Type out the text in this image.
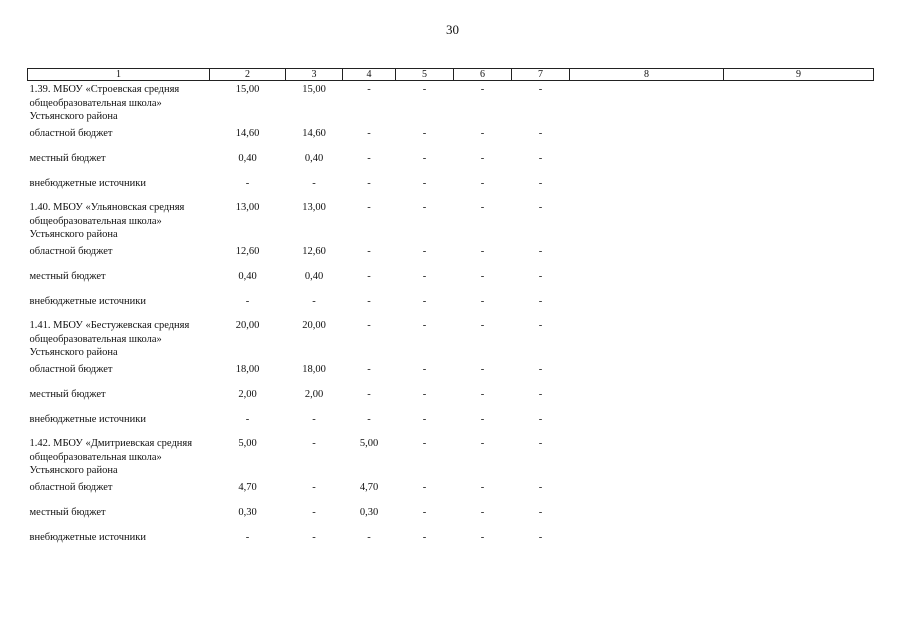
30
1	2	3	4	5	6	7	8	9
1.39. МБОУ «Строевская средняя общеобразовательная школа» Устьянского района	15,00	15,00	-	-	-	-		
областной бюджет	14,60	14,60	-	-	-	-		
местный бюджет	0,40	0,40	-	-	-	-		
внебюджетные источники	-	-	-	-	-	-		
1.40. МБОУ «Ульяновская средняя общеобразовательная школа» Устьянского района	13,00	13,00	-	-	-	-		
областной бюджет	12,60	12,60	-	-	-	-		
местный бюджет	0,40	0,40	-	-	-	-		
внебюджетные источники	-	-	-	-	-	-		
1.41. МБОУ «Бестужевская средняя общеобразовательная школа» Устьянского района	20,00	20,00	-	-	-	-		
областной бюджет	18,00	18,00	-	-	-	-		
местный бюджет	2,00	2,00	-	-	-	-		
внебюджетные источники	-	-	-	-	-	-		
1.42. МБОУ «Дмитриевская средняя общеобразовательная школа» Устьянского района	5,00	-	5,00	-	-	-		
областной бюджет	4,70	-	4,70	-	-	-		
местный бюджет	0,30	-	0,30	-	-	-		
внебюджетные источники	-	-	-	-	-	-		
